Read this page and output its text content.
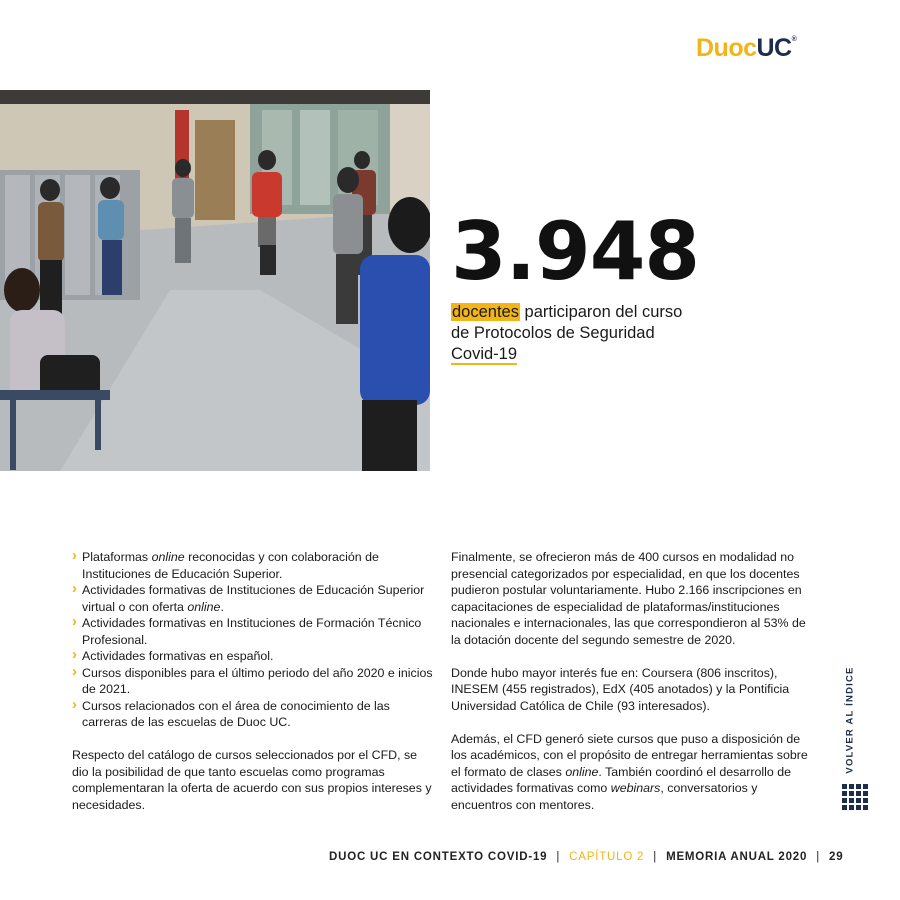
DuocUC®
3.948
docentes participaron del curso de Protocolos de Seguridad Covid-19
› Plataformas online reconocidas y con colaboración de Instituciones de Educación Superior.
› Actividades formativas de Instituciones de Educación Superior virtual o con oferta online.
› Actividades formativas en Instituciones de Formación Técnico Profesional.
› Actividades formativas en español.
› Cursos disponibles para el último periodo del año 2020 e inicios de 2021.
› Cursos relacionados con el área de conocimiento de las carreras de las escuelas de Duoc UC.

Respecto del catálogo de cursos seleccionados por el CFD, se dio la posibilidad de que tanto escuelas como programas complementaran la oferta de acuerdo con sus propios intereses y necesidades.

Finalmente, se ofrecieron más de 400 cursos en modalidad no presencial categorizados por especialidad, en que los docentes pudieron postular voluntariamente. Hubo 2.166 inscripciones en capacitaciones de especialidad de plataformas/instituciones nacionales e internacionales, las que correspondieron al 53% de la dotación docente del segundo semestre de 2020.

Donde hubo mayor interés fue en: Coursera (806 inscritos), INESEM (455 registrados), EdX (405 anotados) y la Pontificia Universidad Católica de Chile (93 interesados).

Además, el CFD generó siete cursos que puso a disposición de los académicos, con el propósito de entregar herramientas sobre el formato de clases online. También coordinó el desarrollo de actividades formativas como webinars, conversatorios y encuentros con mentores.

VOLVER AL ÍNDICE
DUOC UC EN CONTEXTO COVID-19 | CAPÍTULO 2 | MEMORIA ANUAL 2020 | 29
